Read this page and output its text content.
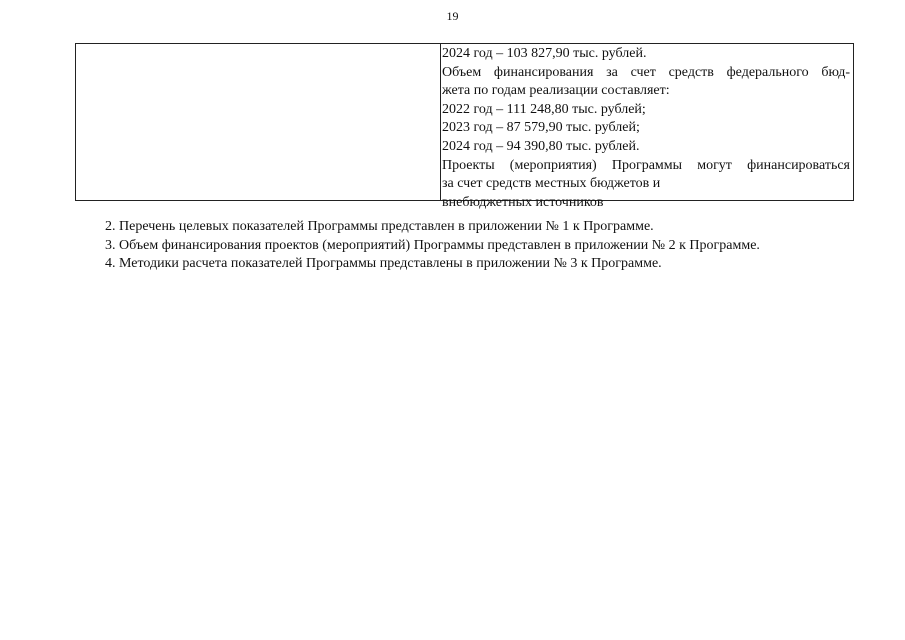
19
2024 год – 103 827,90 тыс. рублей.
Объем финансирования за счет средств федерального бюд-
жета по годам реализации составляет:
2022 год – 111 248,80 тыс. рублей;
2023 год – 87 579,90 тыс. рублей;
2024 год – 94 390,80 тыс. рублей.
Проекты (мероприятия) Программы могут финансироваться
за счет средств местных бюджетов и
внебюджетных источников
2. Перечень целевых показателей Программы представлен в приложении № 1 к Программе.
3. Объем финансирования проектов (мероприятий) Программы представлен в приложении № 2 к Программе.
4. Методики расчета показателей Программы представлены в приложении № 3 к Программе.
